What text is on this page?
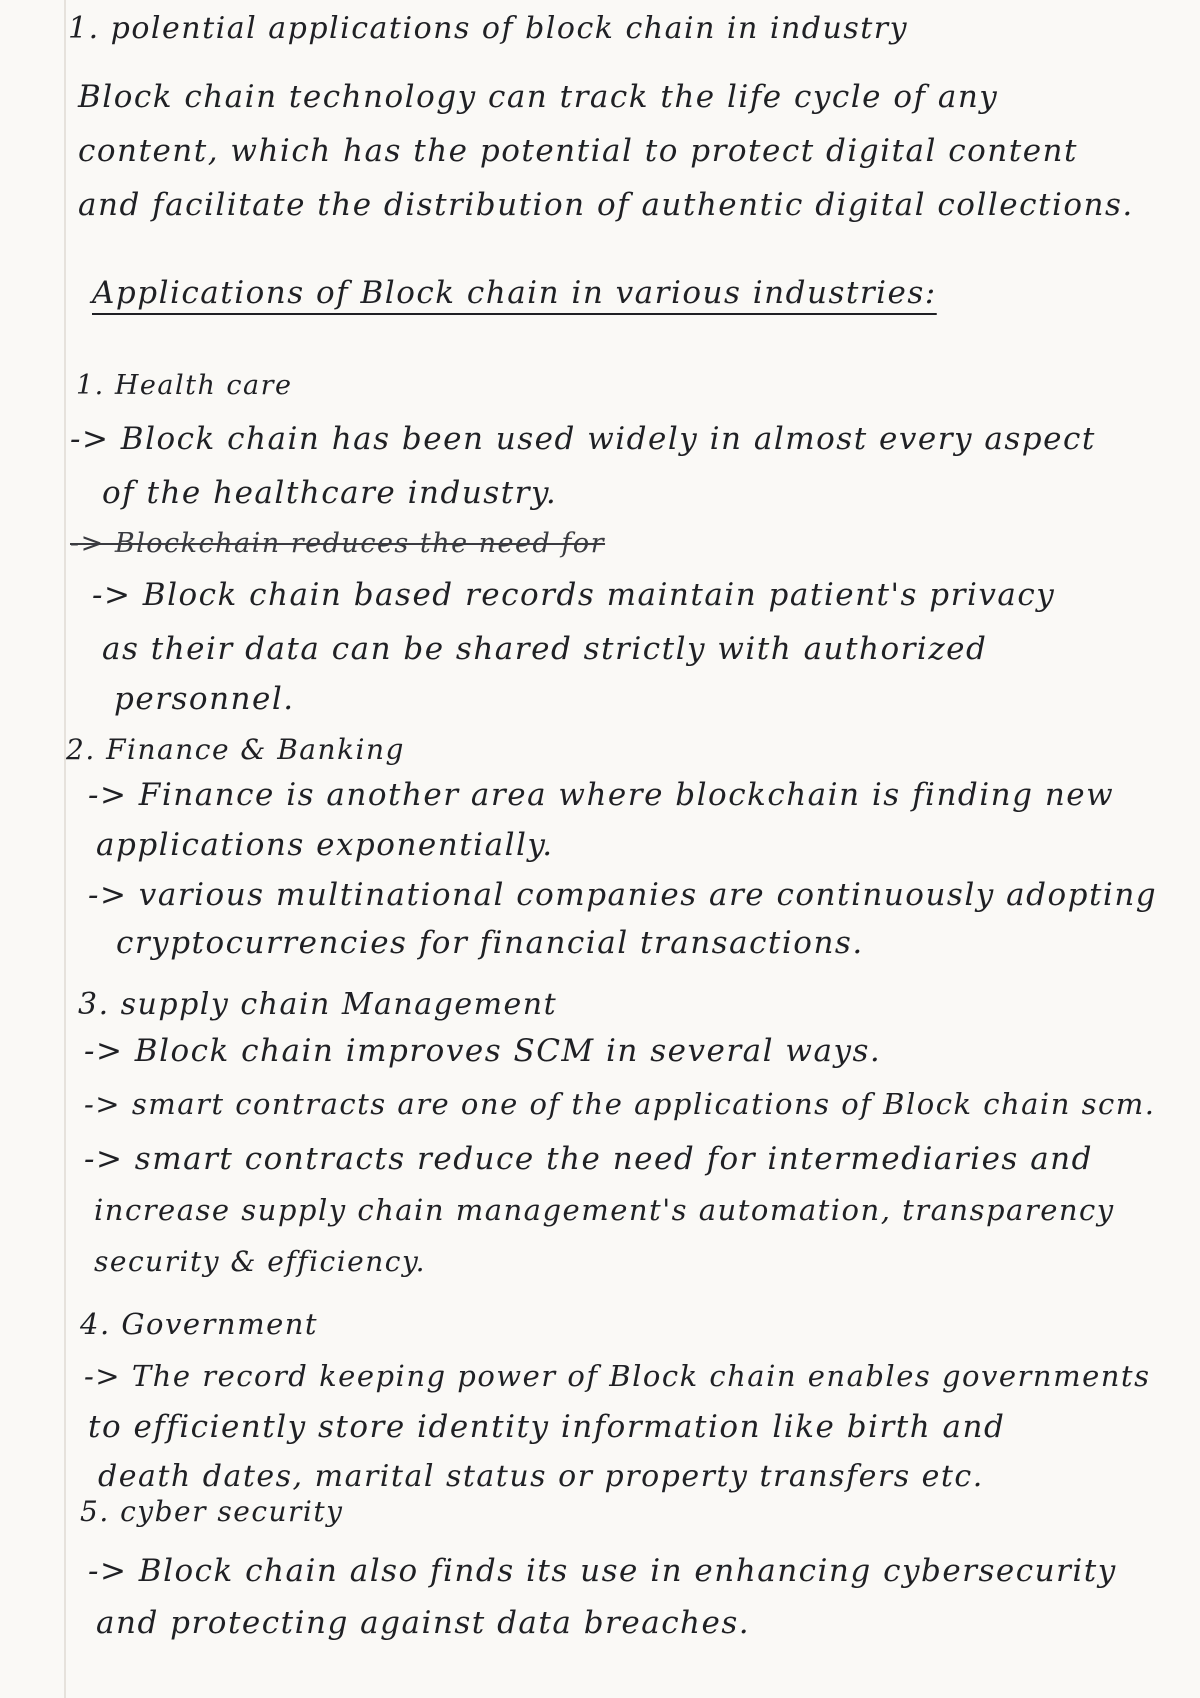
1. polential applications of block chain in industry
Block chain technology can track the life cycle of any
content, which has the potential to protect digital content
and facilitate the distribution of authentic digital collections.
Applications of Block chain in various industries:
1. Health care
-> Block chain has been used widely in almost every aspect
of the healthcare industry.
-> Blockchain reduces the need for
-> Block chain based records maintain patient's privacy
as their data can be shared strictly with authorized
personnel.
2. Finance & Banking
-> Finance is another area where blockchain is finding new
applications exponentially.
-> various multinational companies are continuously adopting
cryptocurrencies for financial transactions.
3. supply chain Management
-> Block chain improves SCM in several ways.
-> smart contracts are one of the applications of Block chain scm.
-> smart contracts reduce the need for intermediaries and
increase supply chain management's automation, transparency
security & efficiency.
4. Government
-> The record keeping power of Block chain enables governments
to efficiently store identity information like birth and
death dates, marital status or property transfers etc.
5. cyber security
-> Block chain also finds its use in enhancing cybersecurity
and protecting against data breaches.
